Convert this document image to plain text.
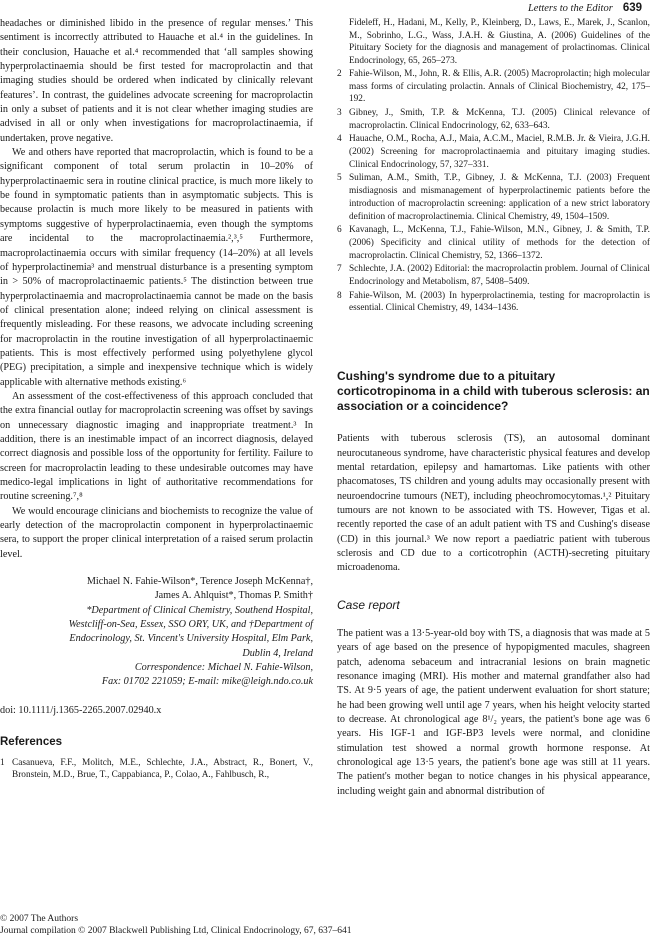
Letters to the Editor 639

headaches or diminished libido in the presence of regular menses.’ This sentiment is incorrectly attributed to Hauache et al.⁴ in the guidelines. In their conclusion, Hauache et al.⁴ recommended that ‘all samples showing hyperprolactinaemia should be first tested for macroprolactin and that imaging studies should be ordered when indicated by clinically relevant features’. In contrast, the guidelines advocate screening for macroprolactin in only a subset of patients and it is not clear whether imaging studies are advised in all or only when investigations for macroprolactinaemia, if undertaken, prove negative.

We and others have reported that macroprolactin, which is found to be a significant component of total serum prolactin in 10–20% of hyperprolactinaemic sera in routine clinical practice, is much more likely to be found in symptomatic patients than in asymptomatic subjects. This is because prolactin is much more likely to be measured in patients with symptoms suggestive of hyperprolactinaemia, even though the symptoms are incidental to the macroprolactinaemia.²,³,⁵ Furthermore, macroprolactinaemia occurs with similar frequency (14–20%) at all levels of hyperprolactinemia³ and menstrual disturbance is a presenting symptom in > 50% of macroprolactinaemic patients.⁵ The distinction between true hyperprolactinaemia and macroprolactinaemia cannot be made on the basis of clinical presentation alone; indeed relying on clinical assessment is frequently misleading. For these reasons, we advocate including screening for macroprolactin in the routine investigation of all hyperprolactinaemic patients. This is most effectively performed using polyethylene glycol (PEG) precipitation, a simple and inexpensive technique which is widely applicable with alternative methods existing.⁶

An assessment of the cost-effectiveness of this approach concluded that the extra financial outlay for macroprolactin screening was offset by savings on unnecessary diagnostic imaging and inappropriate treatment.³ In addition, there is an inestimable impact of an incorrect diagnosis, delayed correct diagnosis and possible loss of the opportunity for fertility. Failure to screen for macroprolactin leading to these undesirable outcomes may have medico-legal implications in light of authoritative recommendations for routine screening.⁷,⁸

We would encourage clinicians and biochemists to recognize the value of early detection of the macroprolactin component in hyperprolactinaemic sera, to support the proper clinical interpretation of a raised serum prolactin level.

Michael N. Fahie-Wilson*, Terence Joseph McKenna†,
James A. Ahlquist*, Thomas P. Smith†
*Department of Clinical Chemistry, Southend Hospital,
Westcliff-on-Sea, Essex, SSO ORY, UK, and †Department of
Endocrinology, St. Vincent's University Hospital, Elm Park,
Dublin 4, Ireland
Correspondence: Michael N. Fahie-Wilson,
Fax: 01702 221059; E-mail: mike@leigh.ndo.co.uk
doi: 10.1111/j.1365-2265.2007.02940.x
References
1 Casanueva, F.F., Molitch, M.E., Schlechte, J.A., Abstract, R., Bonert, V., Bronstein, M.D., Brue, T., Cappabianca, P., Colao, A., Fahlbusch, R.,
Fideleff, H., Hadani, M., Kelly, P., Kleinberg, D., Laws, E., Marek, J., Scanlon, M., Sobrinho, L.G., Wass, J.A.H. & Giustina, A. (2006) Guidelines of the Pituitary Society for the diagnosis and management of prolactinomas. Clinical Endocrinology, 65, 265–273.
2 Fahie-Wilson, M., John, R. & Ellis, A.R. (2005) Macroprolactin; high molecular mass forms of circulating prolactin. Annals of Clinical Biochemistry, 42, 175–192.
3 Gibney, J., Smith, T.P. & McKenna, T.J. (2005) Clinical relevance of macroprolactin. Clinical Endocrinology, 62, 633–643.
4 Hauache, O.M., Rocha, A.J., Maia, A.C.M., Maciel, R.M.B. Jr. & Vieira, J.G.H. (2002) Screening for macroprolactinaemia and pituitary imaging studies. Clinical Endocrinology, 57, 327–331.
5 Suliman, A.M., Smith, T.P., Gibney, J. & McKenna, T.J. (2003) Frequent misdiagnosis and mismanagement of hyperprolactinemic patients before the introduction of macroprolactin screening: application of a new strict laboratory definition of macroprolactinemia. Clinical Chemistry, 49, 1504–1509.
6 Kavanagh, L., McKenna, T.J., Fahie-Wilson, M.N., Gibney, J. & Smith, T.P. (2006) Specificity and clinical utility of methods for the detection of macroprolactin. Clinical Chemistry, 52, 1366–1372.
7 Schlechte, J.A. (2002) Editorial: the macroprolactin problem. Journal of Clinical Endocrinology and Metabolism, 87, 5408–5409.
8 Fahie-Wilson, M. (2003) In hyperprolactinemia, testing for macroprolactin is essential. Clinical Chemistry, 49, 1434–1436.
Cushing's syndrome due to a pituitary corticotropinoma in a child with tuberous sclerosis: an association or a coincidence?

Patients with tuberous sclerosis (TS), an autosomal dominant neurocutaneous syndrome, have characteristic physical features and develop mental retardation, epilepsy and hamartomas. Like patients with other phacomatoses, TS children and young adults may occasionally present with neuroendocrine tumours (NET), including pheochromocytomas.¹,² Pituitary tumours are not known to be associated with TS. However, Tigas et al. recently reported the case of an adult patient with TS and Cushing's disease (CD) in this journal.³ We now report a paediatric patient with tuberous sclerosis and CD due to a corticotrophin (ACTH)-secreting pituitary microadenoma.

Case report

The patient was a 13·5-year-old boy with TS, a diagnosis that was made at 5 years of age based on the presence of hypopigmented macules, shagreen patch, adenoma sebaceum and intracranial lesions on brain magnetic resonance imaging (MRI). His mother and maternal grandfather also had TS. At 9·5 years of age, the patient underwent evaluation for short stature; he had been growing well until age 7 years, when his height velocity started to decrease. At chronological age 8¹/₂ years, the patient's bone age was 6 years. His IGF-1 and IGF-BP3 levels were normal, and clonidine stimulation test showed a normal growth hormone response. At chronological age 13·5 years, the patient's bone age was still at 11 years. The patient's mother began to notice changes in his physical appearance, including weight gain and abnormal distribution of

© 2007 The Authors
Journal compilation © 2007 Blackwell Publishing Ltd, Clinical Endocrinology, 67, 637–641
